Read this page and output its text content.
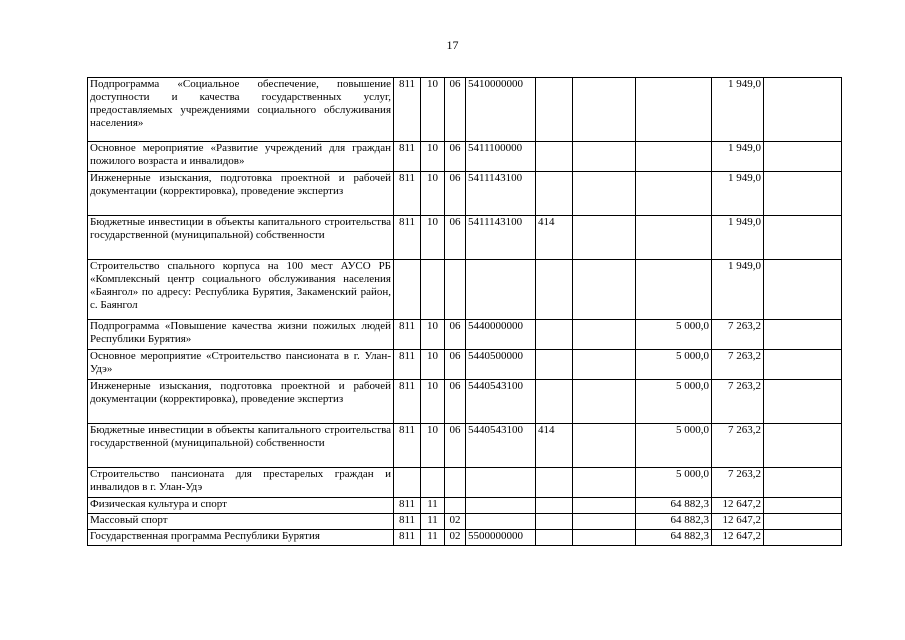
17
Подпрограмма «Социальное обеспечение, повышение доступности и качества государственных услуг, предоставляемых учреждениями социального обслуживания населения»	811	10	06	5410000000				1 949,0	
Основное мероприятие «Развитие учреждений для граждан пожилого возраста и инвалидов»	811	10	06	5411100000				1 949,0	
Инженерные изыскания, подготовка проектной и рабочей документации (корректировка), проведение экспертиз	811	10	06	5411143100				1 949,0	
Бюджетные инвестиции в объекты капитального строительства государственной (муниципальной) собственности	811	10	06	5411143100	414			1 949,0	
Строительство спального корпуса на 100 мест АУСО РБ «Комплексный центр социального обслуживания населения «Баянгол» по адресу: Республика Бурятия, Закаменский район, с. Баянгол								1 949,0	
Подпрограмма «Повышение качества жизни пожилых людей Республики Бурятия»	811	10	06	5440000000			5 000,0	7 263,2	
Основное мероприятие «Строительство пансионата в г. Улан-Удэ»	811	10	06	5440500000			5 000,0	7 263,2	
Инженерные изыскания, подготовка проектной и рабочей документации (корректировка), проведение экспертиз	811	10	06	5440543100			5 000,0	7 263,2	
Бюджетные инвестиции в объекты капитального строительства государственной (муниципальной) собственности	811	10	06	5440543100	414		5 000,0	7 263,2	
Строительство пансионата для престарелых граждан и инвалидов в г. Улан-Удэ							5 000,0	7 263,2	
Физическая культура и спорт	811	11					64 882,3	12 647,2	
Массовый спорт	811	11	02				64 882,3	12 647,2	
Государственная программа Республики Бурятия	811	11	02	5500000000			64 882,3	12 647,2	
